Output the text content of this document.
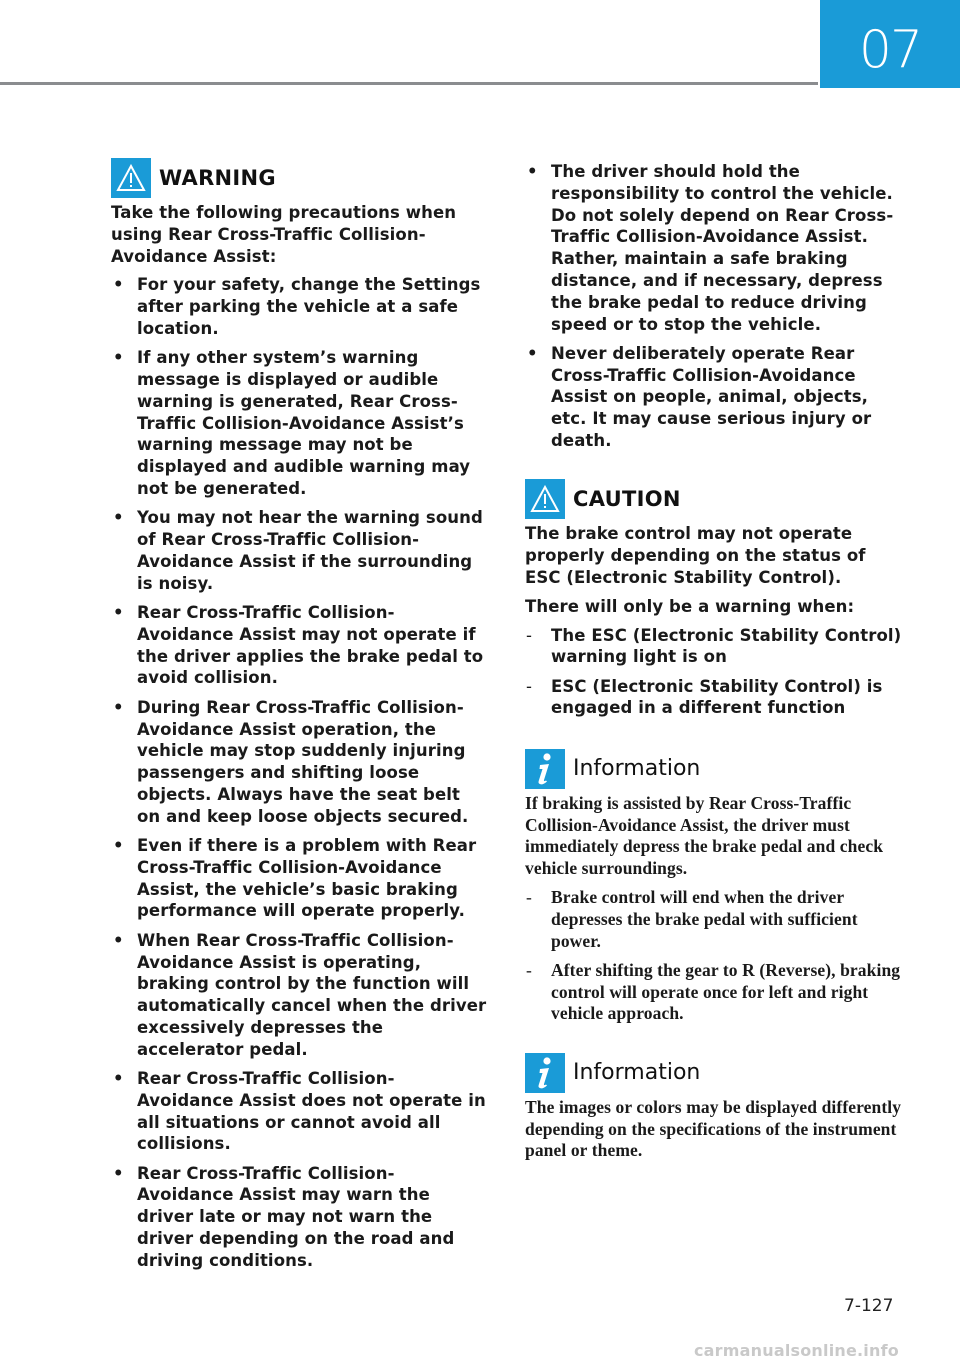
07
WARNING

Take the following precautions when using Rear Cross-Traffic Collision-Avoidance Assist:

• For your safety, change the Settings after parking the vehicle at a safe location.
• If any other system’s warning message is displayed or audible warning is generated, Rear Cross-Traffic Collision-Avoidance Assist’s warning message may not be displayed and audible warning may not be generated.
• You may not hear the warning sound of Rear Cross-Traffic Collision-Avoidance Assist if the surrounding is noisy.
• Rear Cross-Traffic Collision-Avoidance Assist may not operate if the driver applies the brake pedal to avoid collision.
• During Rear Cross-Traffic Collision-Avoidance Assist operation, the vehicle may stop suddenly injuring passengers and shifting loose objects. Always have the seat belt on and keep loose objects secured.
• Even if there is a problem with Rear Cross-Traffic Collision-Avoidance Assist, the vehicle’s basic braking performance will operate properly.
• When Rear Cross-Traffic Collision-Avoidance Assist is operating, braking control by the function will automatically cancel when the driver excessively depresses the accelerator pedal.
• Rear Cross-Traffic Collision-Avoidance Assist does not operate in all situations or cannot avoid all collisions.
• Rear Cross-Traffic Collision-Avoidance Assist may warn the driver late or may not warn the driver depending on the road and driving conditions.
• The driver should hold the responsibility to control the vehicle. Do not solely depend on Rear Cross-Traffic Collision-Avoidance Assist. Rather, maintain a safe braking distance, and if necessary, depress the brake pedal to reduce driving speed or to stop the vehicle.
• Never deliberately operate Rear Cross-Traffic Collision-Avoidance Assist on people, animal, objects, etc. It may cause serious injury or death.
CAUTION

The brake control may not operate properly depending on the status of ESC (Electronic Stability Control).

There will only be a warning when:

- The ESC (Electronic Stability Control) warning light is on
- ESC (Electronic Stability Control) is engaged in a different function
Information

If braking is assisted by Rear Cross-Traffic Collision-Avoidance Assist, the driver must immediately depress the brake pedal and check vehicle surroundings.

- Brake control will end when the driver depresses the brake pedal with sufficient power.
- After shifting the gear to R (Reverse), braking control will operate once for left and right vehicle approach.
Information

The images or colors may be displayed differently depending on the specifications of the instrument panel or theme.

7-127
carmanualsonline.info
